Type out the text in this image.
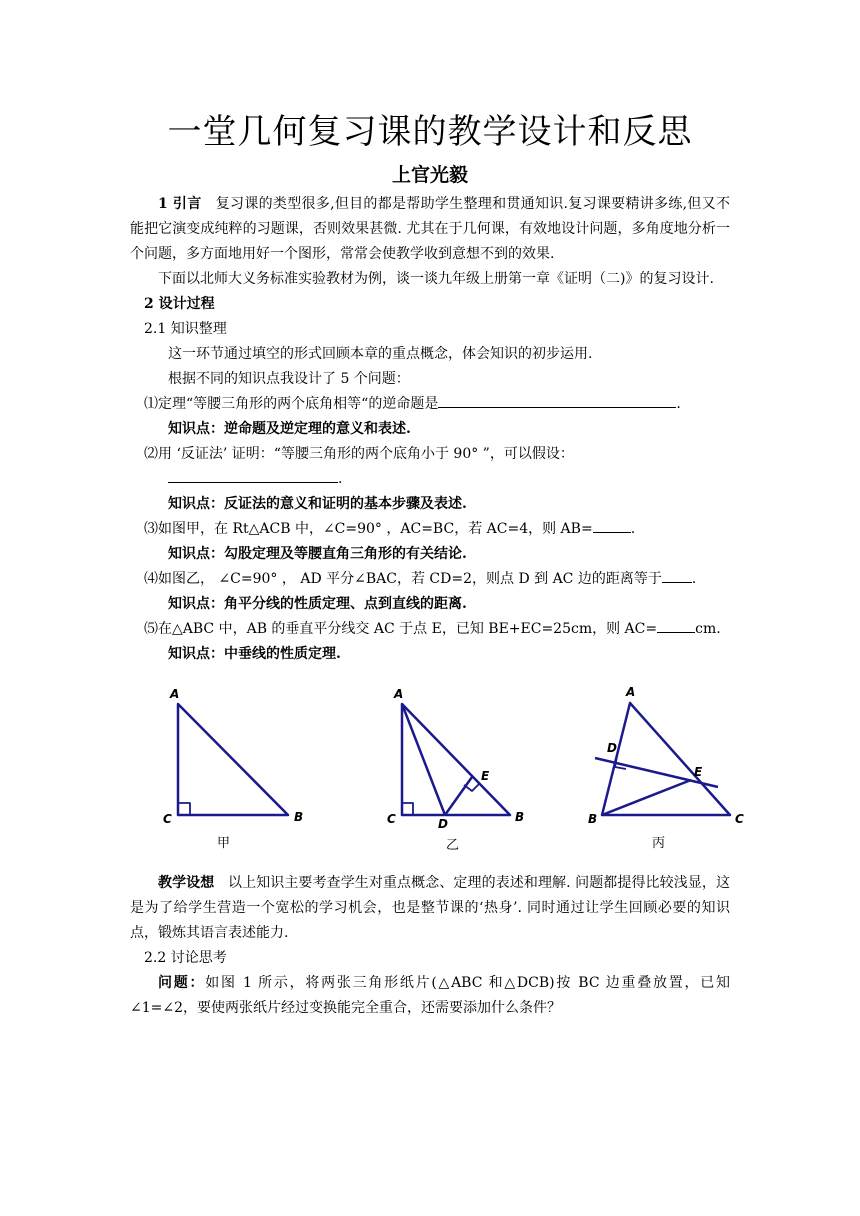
一堂几何复习课的教学设计和反思
上官光毅

1 引言 复习课的类型很多,但目的都是帮助学生整理和贯通知识.复习课要精讲多练,但又不能把它演变成纯粹的习题课，否则效果甚微. 尤其在于几何课，有效地设计问题，多角度地分析一个问题，多方面地用好一个图形，常常会使教学收到意想不到的效果.

下面以北师大义务标准实验教材为例，谈一谈九年级上册第一章《证明（二)》的复习设计.

2 设计过程

2.1 知识整理

这一环节通过填空的形式回顾本章的重点概念，体会知识的初步运用.

根据不同的知识点我设计了 5 个问题：

⑴定理“等腰三角形的两个底角相等“的逆命题是	.

知识点：逆命题及逆定理的意义和表述.

⑵用 ‘反证法’ 证明：“等腰三角形的两个底角小于 90° ”，可以假设：

.

知识点：反证法的意义和证明的基本步骤及表述.

⑶如图甲，在 Rt△ACB 中，∠C=90° ，AC=BC，若 AC=4，则 AB=	.

知识点：勾股定理及等腰直角三角形的有关结论.

⑷如图乙， ∠C=90° ， AD 平分∠BAC，若 CD=2，则点 D 到 AC 边的距离等于 .

知识点：角平分线的性质定理、点到直线的距离.

⑸在△ABC 中，AB 的垂直平分线交 AC 于点 E，已知 BE+EC=25cm，则 AC=	cm.

知识点：中垂线的性质定理.

A
C	B
A
C	D
E
B
A
D
E
B	C
甲	乙	丙

教学设想 以上知识主要考查学生对重点概念、定理的表述和理解. 问题都提得比较浅显，这是为了给学生营造一个宽松的学习机会，也是整节课的‘热身’. 同时通过让学生回顾必要的知识点，锻炼其语言表述能力.

2.2 讨论思考

问题：如图 1 所示，将两张三角形纸片(△ABC 和△DCB)按 BC 边重叠放置，已知∠1=∠2，要使两张纸片经过变换能完全重合，还需要添加什么条件？
